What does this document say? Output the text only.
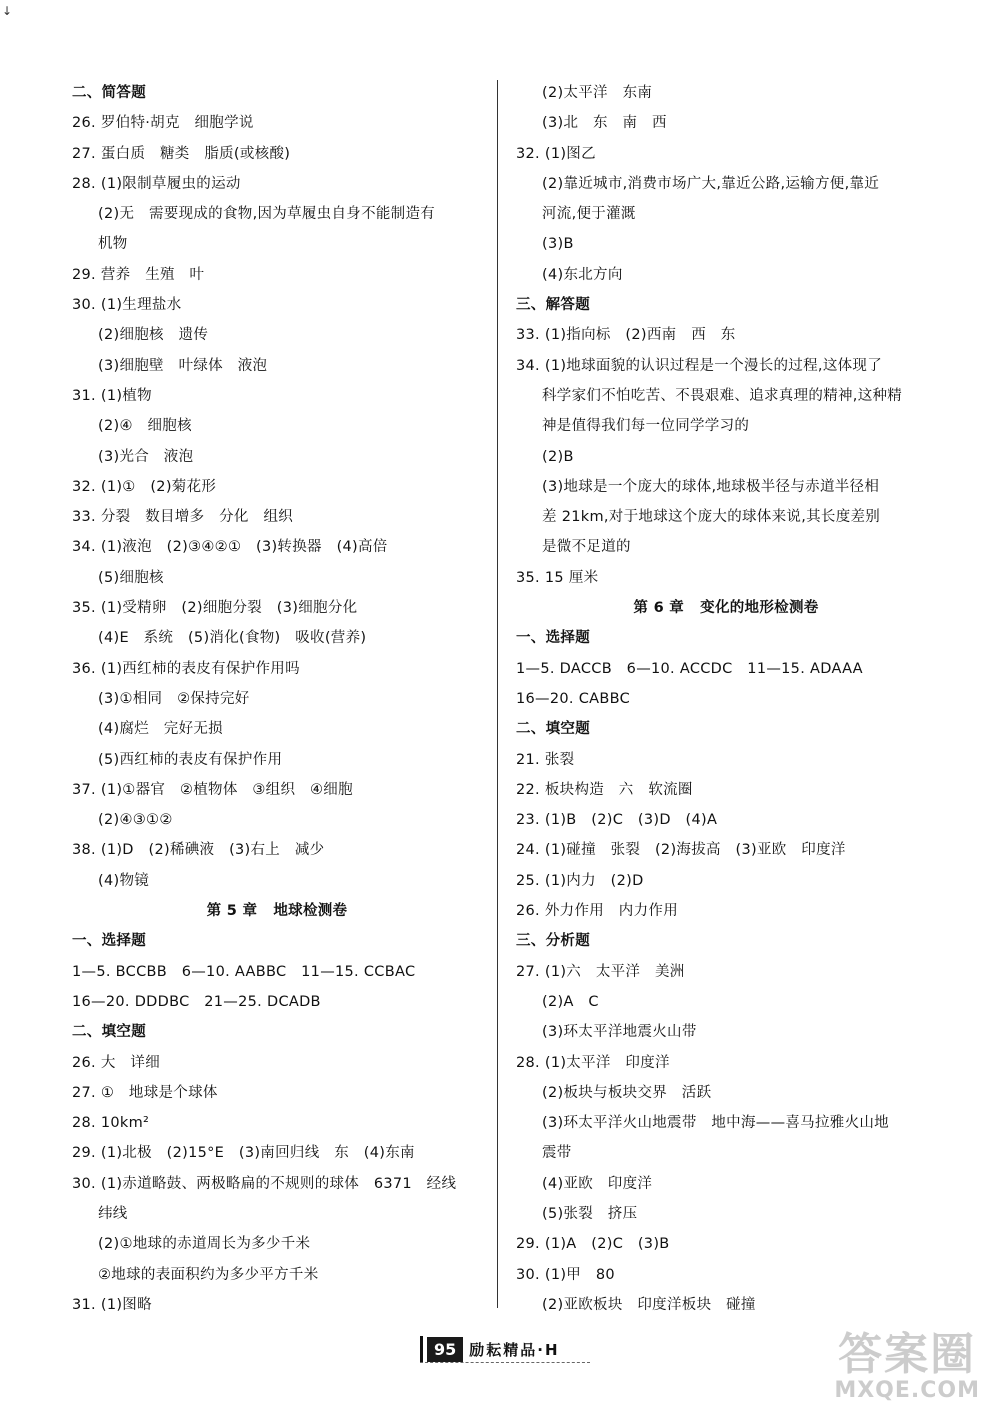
↓
二、简答题
26. 罗伯特·胡克   细胞学说
27. 蛋白质   糖类   脂质(或核酸)
28. (1)限制草履虫的运动
(2)无   需要现成的食物,因为草履虫自身不能制造有
机物
29. 营养   生殖   叶
30. (1)生理盐水
(2)细胞核   遗传
(3)细胞壁   叶绿体   液泡
31. (1)植物
(2)④   细胞核
(3)光合   液泡
32. (1)①   (2)菊花形
33. 分裂   数目增多   分化   组织
34. (1)液泡   (2)③④②①   (3)转换器   (4)高倍
(5)细胞核
35. (1)受精卵   (2)细胞分裂   (3)细胞分化
(4)E   系统   (5)消化(食物)   吸收(营养)
36. (1)西红柿的表皮有保护作用吗
(3)①相同   ②保持完好
(4)腐烂   完好无损
(5)西红柿的表皮有保护作用
37. (1)①器官   ②植物体   ③组织   ④细胞
(2)④③①②
38. (1)D   (2)稀碘液   (3)右上   减少
(4)物镜
第 5 章   地球检测卷
一、选择题
1—5. BCCBB   6—10. AABBC   11—15. CCBAC
16—20. DDDBC   21—25. DCADB
二、填空题
26. 大   详细
27. ①   地球是个球体
28. 10km²
29. (1)北极   (2)15°E   (3)南回归线   东   (4)东南
30. (1)赤道略鼓、两极略扁的不规则的球体   6371   经线
纬线
(2)①地球的赤道周长为多少千米
②地球的表面积约为多少平方千米
31. (1)图略
(2)太平洋   东南
(3)北   东   南   西
32. (1)图乙
(2)靠近城市,消费市场广大,靠近公路,运输方便,靠近
河流,便于灌溉
(3)B
(4)东北方向
三、解答题
33. (1)指向标   (2)西南   西   东
34. (1)地球面貌的认识过程是一个漫长的过程,这体现了
科学家们不怕吃苦、不畏艰难、追求真理的精神,这种精
神是值得我们每一位同学学习的
(2)B
(3)地球是一个庞大的球体,地球极半径与赤道半径相
差 21km,对于地球这个庞大的球体来说,其长度差别
是微不足道的
35. 15 厘米
第 6 章   变化的地形检测卷
一、选择题
1—5. DACCB   6—10. ACCDC   11—15. ADAAA
16—20. CABBC
二、填空题
21. 张裂
22. 板块构造   六   软流圈
23. (1)B   (2)C   (3)D   (4)A
24. (1)碰撞   张裂   (2)海拔高   (3)亚欧   印度洋
25. (1)内力   (2)D
26. 外力作用   内力作用
三、分析题
27. (1)六   太平洋   美洲
(2)A   C
(3)环太平洋地震火山带
28. (1)太平洋   印度洋
(2)板块与板块交界   活跃
(3)环太平洋火山地震带   地中海——喜马拉雅火山地
震带
(4)亚欧   印度洋
(5)张裂   挤压
29. (1)A   (2)C   (3)B
30. (1)甲   80
(2)亚欧板块   印度洋板块   碰撞
95 励耘精品·H	答案圈
MXQE.COM
